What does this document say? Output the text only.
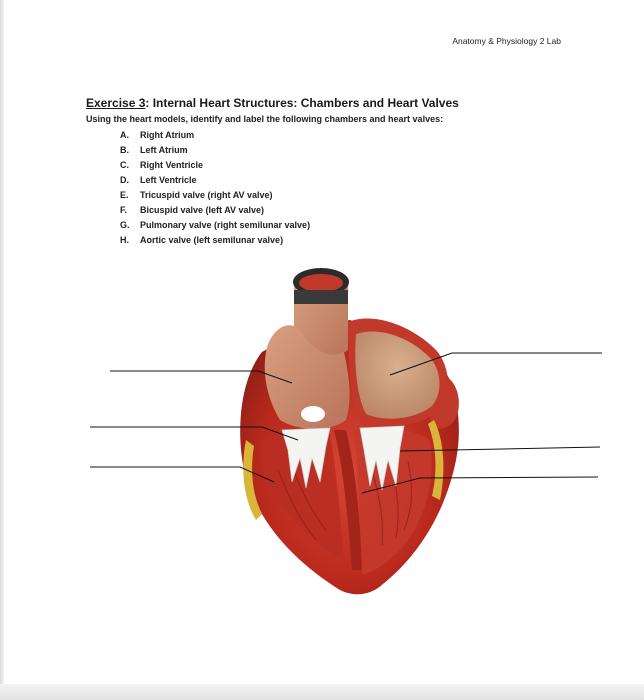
Anatomy & Physiology 2 Lab
Exercise 3: Internal Heart Structures: Chambers and Heart Valves
Using the heart models, identify and label the following chambers and heart valves:
A. Right Atrium
B. Left Atrium
C. Right Ventricle
D. Left Ventricle
E. Tricuspid valve (right AV valve)
F. Bicuspid valve (left AV valve)
G. Pulmonary valve (right semilunar valve)
H. Aortic valve (left semilunar valve)
